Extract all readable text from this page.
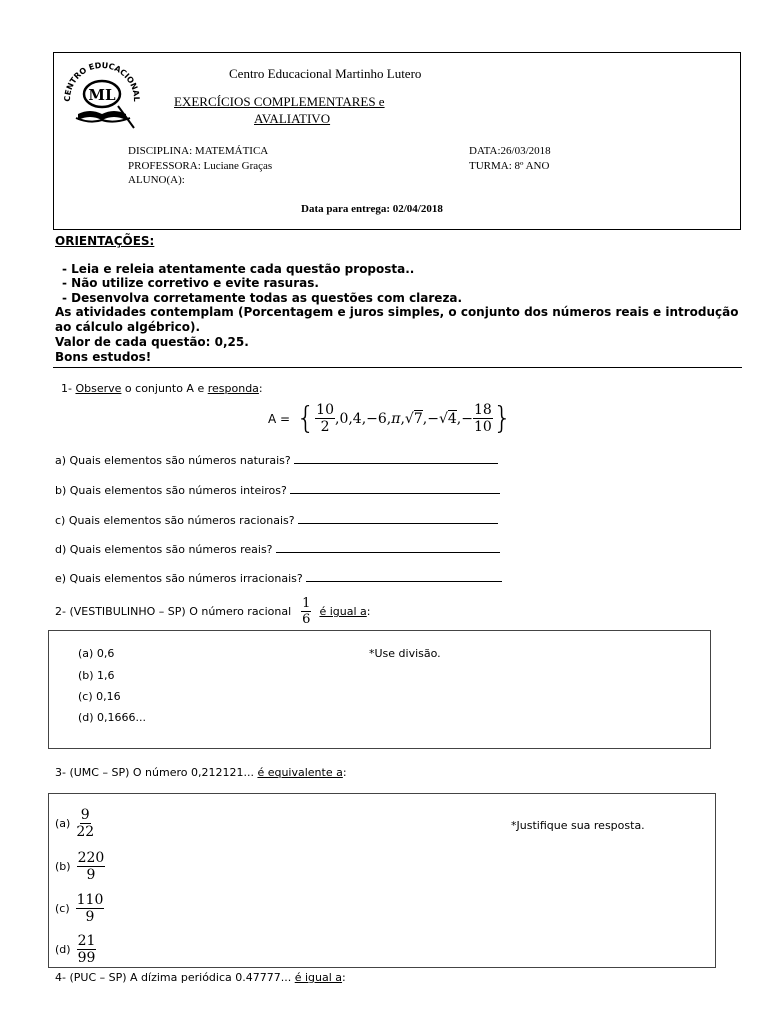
CENTRO EDUCACIONAL
ML
Centro Educacional Martinho Lutero
EXERCÍCIOS COMPLEMENTARES e
AVALIATIVO
DISCIPLINA: MATEMÁTICA
PROFESSORA: Luciane Graças
ALUNO(A):
DATA:26/03/2018
TURMA: 8º ANO
Data para entrega: 02/04/2018
ORIENTAÇÕES:
- Leia e releia atentamente cada questão proposta..
- Não utilize corretivo e evite rasuras.
- Desenvolva corretamente todas as questões com clareza.
As atividades contemplam (Porcentagem e juros simples, o conjunto dos números reais e introdução
ao cálculo algébrico).
Valor de cada questão: 0,25.
Bons estudos!
1- Observe o conjunto A e responda:
A = { $\frac{10}{2} ,0,4,-6$, π , √ 7 ,− √ 4 ,− $\frac{18}{10}$ }
a) Quais elementos são números naturais?
b) Quais elementos são números inteiros?
c) Quais elementos são números racionais?
d) Quais elementos são números reais?
e) Quais elementos são números irracionais?
2- (VESTIBULINHO – SP) O número racional $\frac{1}{6}$ é igual a :
(a) 0,6
(b) 1,6
(c) 0,16
(d) 0,1666...
*Use divisão.
3- (UMC – SP) O número 0,212121... é equivalente a:
$(a) \frac{9}{22}$
$(b) \frac{220}{9}$
$(c) \frac{110}{9}$
$(d) \frac{21}{99}$
*Justifique sua resposta.
4- (PUC – SP) A dízima periódica 0.47777... é igual a:
